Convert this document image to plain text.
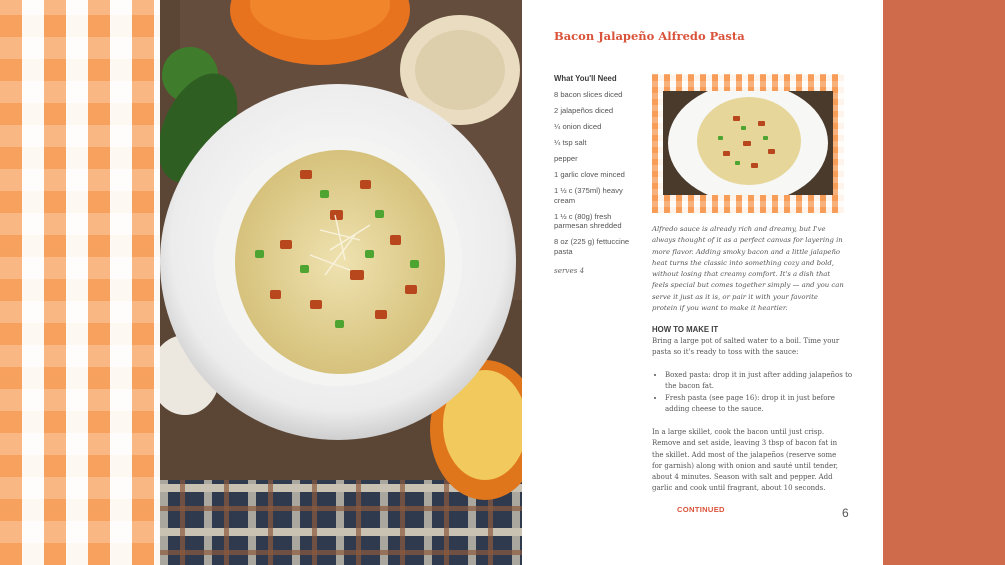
Bacon Jalapeño Alfredo Pasta

What You'll Need

8 bacon slices diced
2 jalapeños diced
¼ onion diced
¼ tsp salt
pepper
1 garlic clove minced
1 ½ c (375ml) heavy cream
1 ½ c (80g) fresh parmesan shredded
8 oz (225 g) fettuccine pasta
serves 4

Alfredo sauce is already rich and dreamy, but I've always thought of it as a perfect canvas for layering in more flavor. Adding smoky bacon and a little jalapeño heat turns the classic into something cozy and bold, without losing that creamy comfort. It's a dish that feels special but comes together simply — and you can serve it just as it is, or pair it with your favorite protein if you want to make it heartier.

HOW TO MAKE IT

Bring a large pot of salted water to a boil. Time your pasta so it's ready to toss with the sauce:

• Boxed pasta: drop it in just after adding jalapeños to the bacon fat.
• Fresh pasta (see page 16): drop it in just before adding cheese to the sauce.

In a large skillet, cook the bacon until just crisp. Remove and set aside, leaving 3 tbsp of bacon fat in the skillet. Add most of the jalapeños (reserve some for garnish) along with onion and sauté until tender, about 4 minutes. Season with salt and pepper. Add garlic and cook until fragrant, about 10 seconds.

CONTINUED	6
